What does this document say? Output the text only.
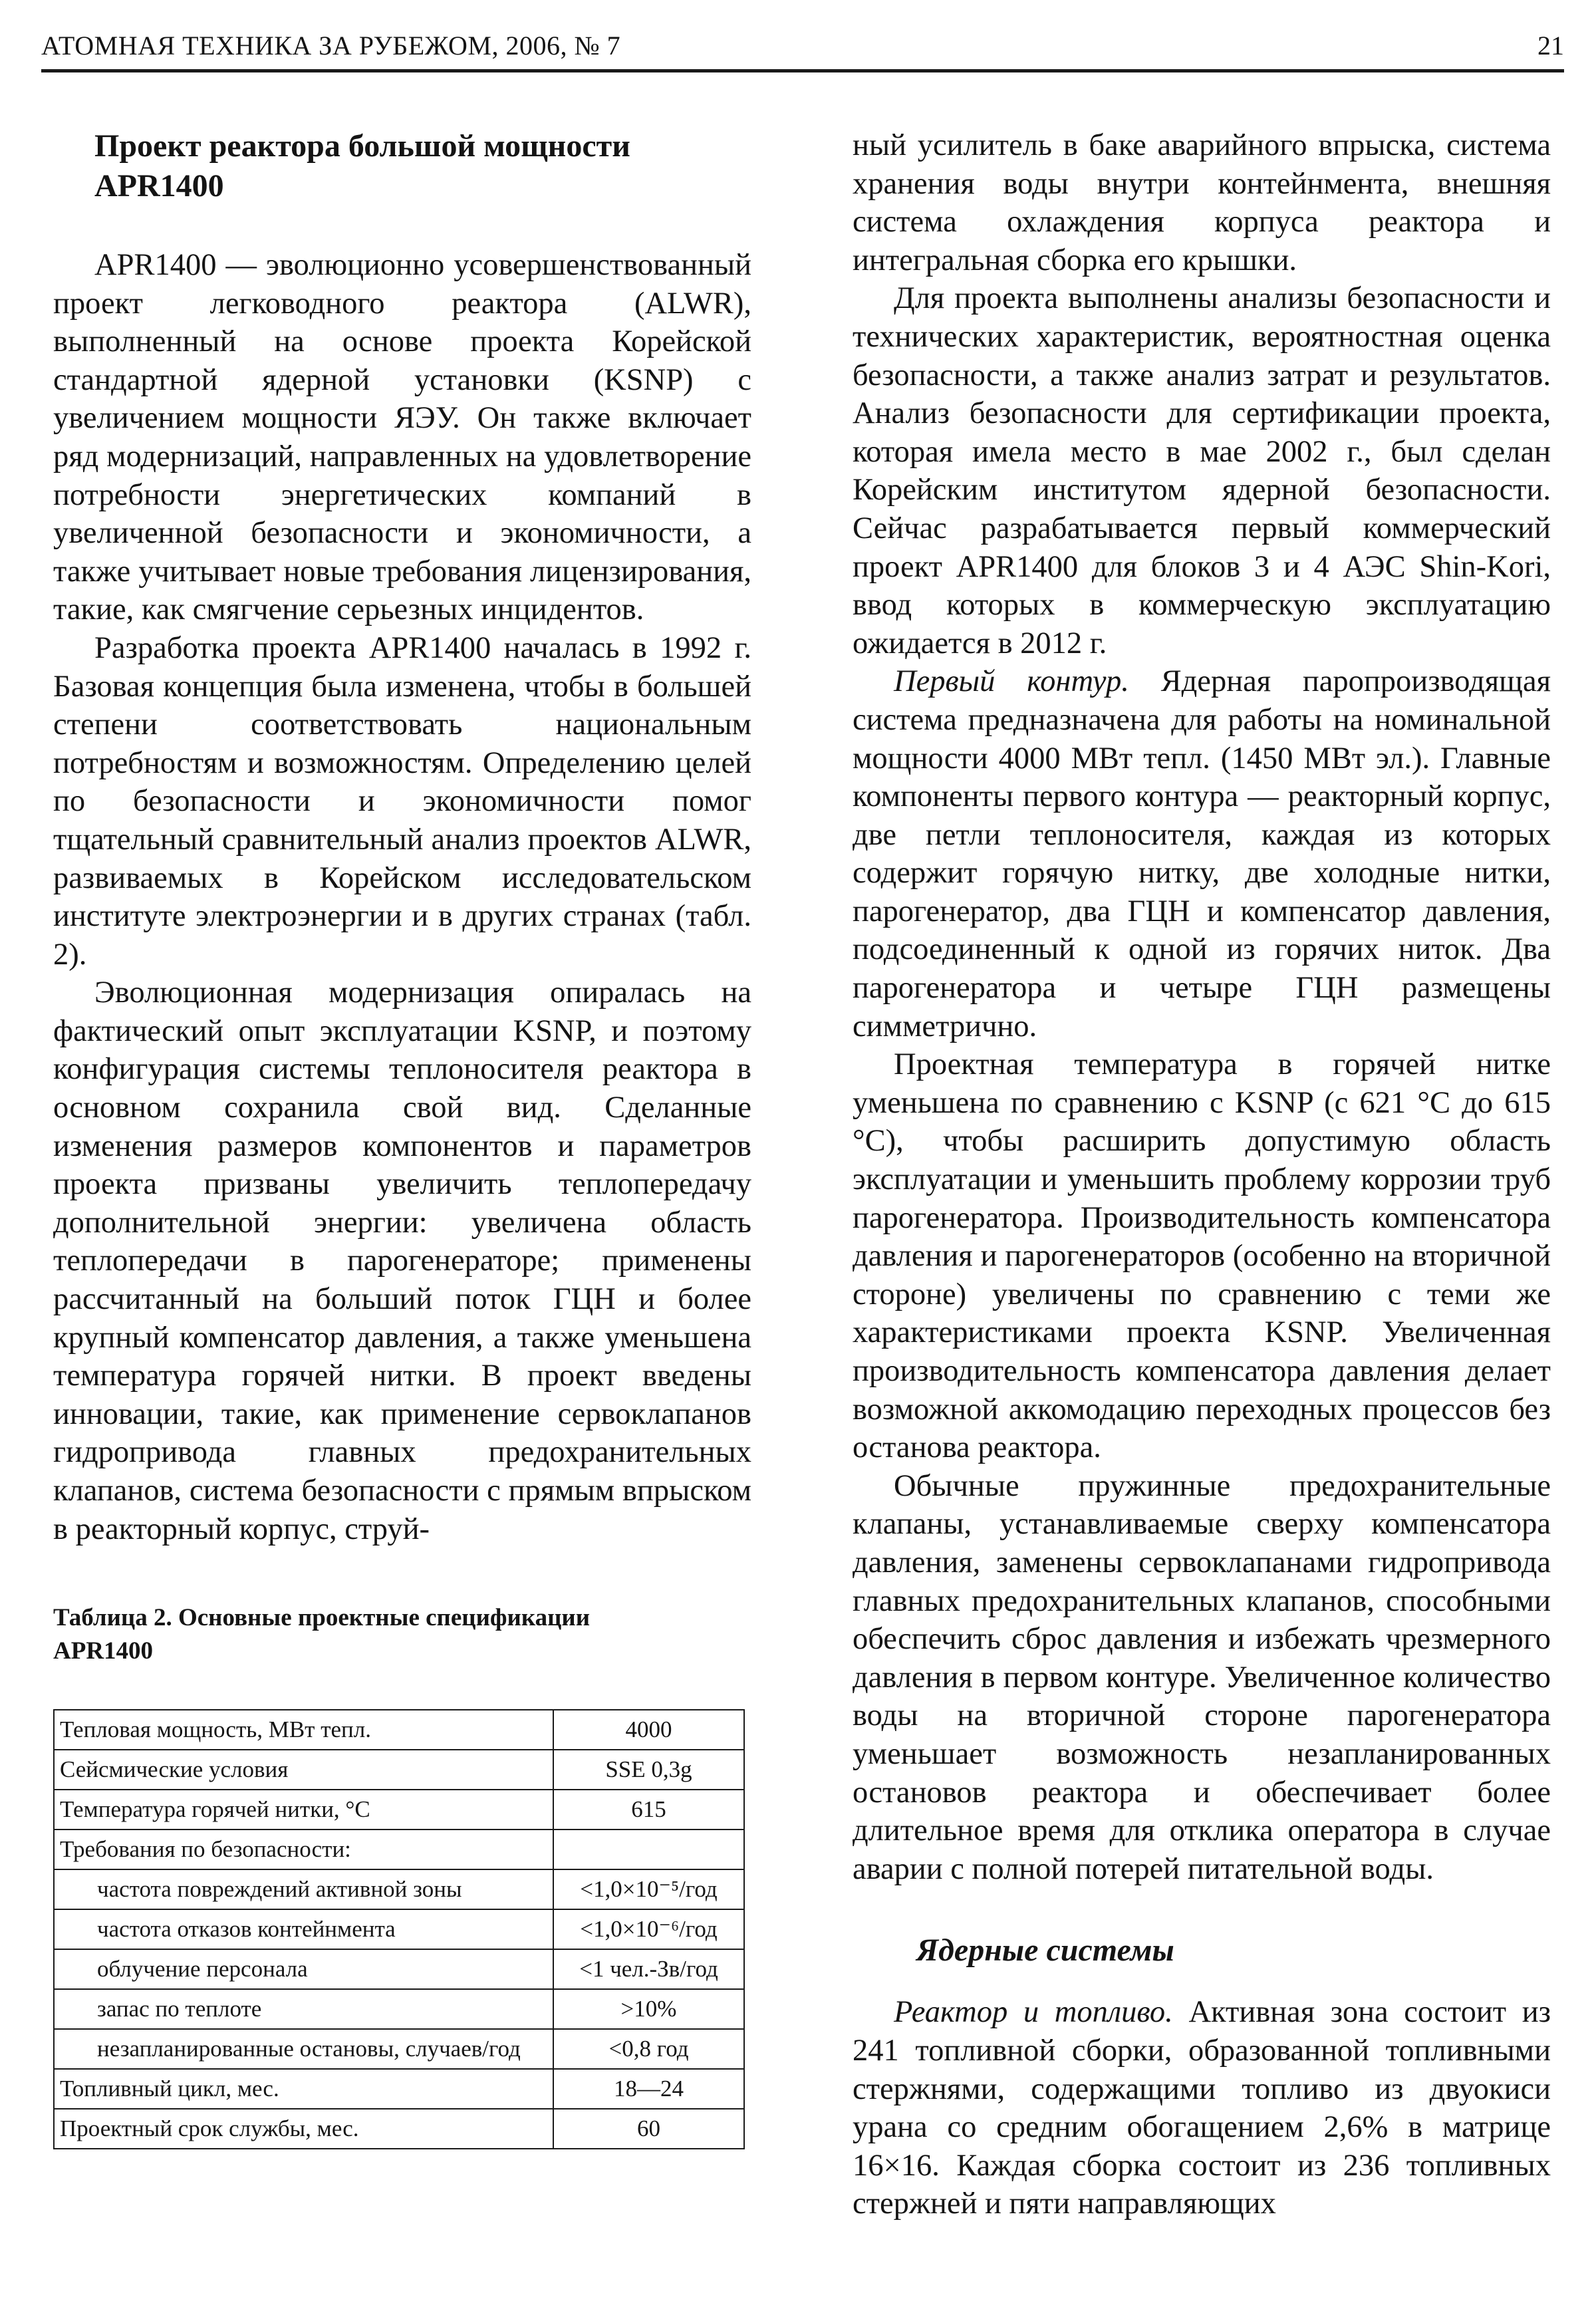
АТОМНАЯ ТЕХНИКА ЗА РУБЕЖОМ, 2006, № 7	21
Проект реактора большой мощности APR1400

APR1400 — эволюционно усовершенствованный проект легководного реактора (ALWR), выполненный на основе проекта Корейской стандартной ядерной установки (KSNP) с увеличением мощности ЯЭУ. Он также включает ряд модернизаций, направленных на удовлетворение потребности энергетических компаний в увеличенной безопасности и экономичности, а также учитывает новые требования лицензирования, такие, как смягчение серьезных инцидентов.

Разработка проекта APR1400 началась в 1992 г. Базовая концепция была изменена, чтобы в большей степени соответствовать национальным потребностям и возможностям. Определению целей по безопасности и экономичности помог тщательный сравнительный анализ проектов ALWR, развиваемых в Корейском исследовательском институте электроэнергии и в других странах (табл. 2).

Эволюционная модернизация опиралась на фактический опыт эксплуатации KSNP, и поэтому конфигурация системы теплоносителя реактора в основном сохранила свой вид. Сделанные изменения размеров компонентов и параметров проекта призваны увеличить теплопередачу дополнительной энергии: увеличена область теплопередачи в парогенераторе; применены рассчитанный на больший поток ГЦН и более крупный компенсатор давления, а также уменьшена температура горячей нитки. В проект введены инновации, такие, как применение сервоклапанов гидропривода главных предохранительных клапанов, система безопасности с прямым впрыском в реакторный корпус, струй-

Таблица 2. Основные проектные спецификации APR1400
Тепловая мощность, МВт тепл.	4000
Сейсмические условия	SSE 0,3g
Температура горячей нитки, °С	615
Требования по безопасности:	
частота повреждений активной зоны	<1,0×10⁻⁵/год
частота отказов контейнмента	<1,0×10⁻⁶/год
облучение персонала	<1 чел.-Зв/год
запас по теплоте	>10%
незапланированные остановы, случаев/год	<0,8 год
Топливный цикл, мес.	18—24
Проектный срок службы, мес.	60

ный усилитель в баке аварийного впрыска, система хранения воды внутри контейнмента, внешняя система охлаждения корпуса реактора и интегральная сборка его крышки.

Для проекта выполнены анализы безопасности и технических характеристик, вероятностная оценка безопасности, а также анализ затрат и результатов. Анализ безопасности для сертификации проекта, которая имела место в мае 2002 г., был сделан Корейским институтом ядерной безопасности. Сейчас разрабатывается первый коммерческий проект APR1400 для блоков 3 и 4 АЭС Shin-Kori, ввод которых в коммерческую эксплуатацию ожидается в 2012 г.

Первый контур. Ядерная паропроизводящая система предназначена для работы на номинальной мощности 4000 МВт тепл. (1450 МВт эл.). Главные компоненты первого контура — реакторный корпус, две петли теплоносителя, каждая из которых содержит горячую нитку, две холодные нитки, парогенератор, два ГЦН и компенсатор давления, подсоединенный к одной из горячих ниток. Два парогенератора и четыре ГЦН размещены симметрично.

Проектная температура в горячей нитке уменьшена по сравнению с KSNP (с 621 °С до 615 °С), чтобы расширить допустимую область эксплуатации и уменьшить проблему коррозии труб парогенератора. Производительность компенсатора давления и парогенераторов (особенно на вторичной стороне) увеличены по сравнению с теми же характеристиками проекта KSNP. Увеличенная производительность компенсатора давления делает возможной аккомодацию переходных процессов без останова реактора.

Обычные пружинные предохранительные клапаны, устанавливаемые сверху компенсатора давления, заменены сервоклапанами гидропривода главных предохранительных клапанов, способными обеспечить сброс давления и избежать чрезмерного давления в первом контуре. Увеличенное количество воды на вторичной стороне парогенератора уменьшает возможность незапланированных остановов реактора и обеспечивает более длительное время для отклика оператора в случае аварии с полной потерей питательной воды.

Ядерные системы

Реактор и топливо. Активная зона состоит из 241 топливной сборки, образованной топливными стержнями, содержащими топливо из двуокиси урана со средним обогащением 2,6% в матрице 16×16. Каждая сборка состоит из 236 топливных стержней и пяти направляющих
